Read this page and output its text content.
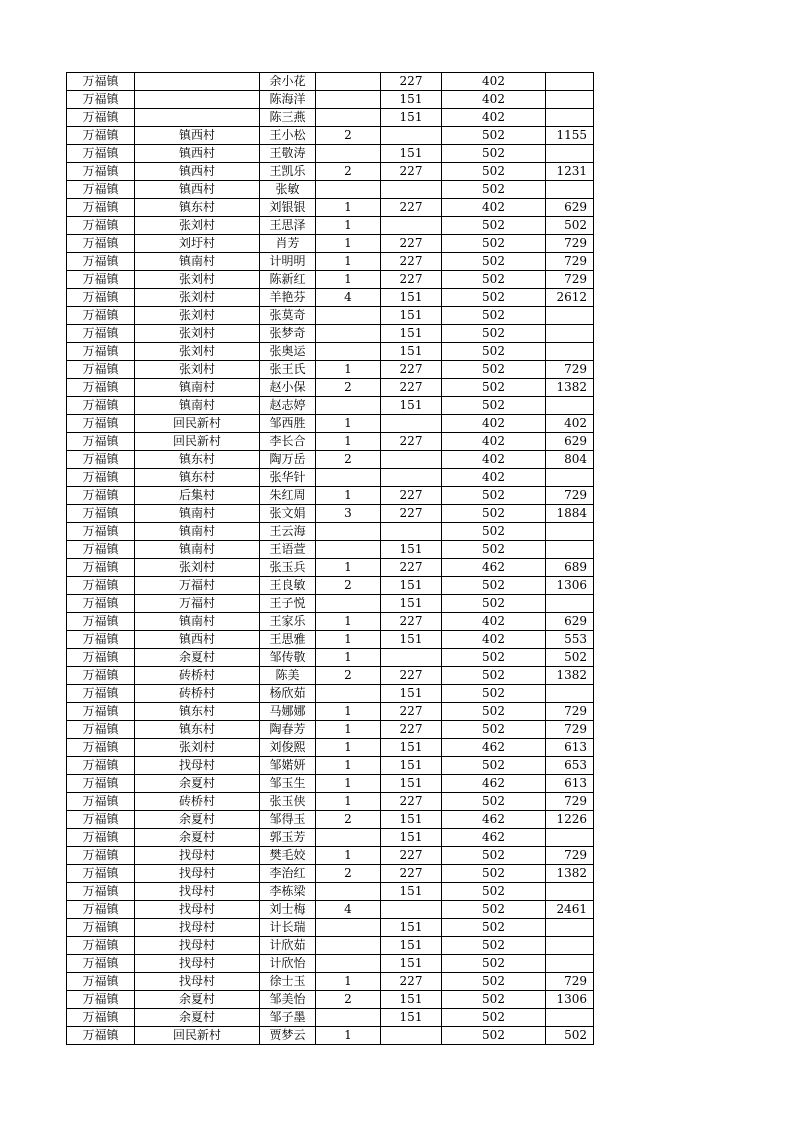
万福镇		余小花		227	402	
万福镇		陈海洋		151	402	
万福镇		陈三燕		151	402	
万福镇	镇西村	王小松	2		502	1155
万福镇	镇西村	王敬涛		151	502	
万福镇	镇西村	王凯乐	2	227	502	1231
万福镇	镇西村	张敏			502	
万福镇	镇东村	刘银银	1	227	402	629
万福镇	张刘村	王思泽	1		502	502
万福镇	刘圩村	肖芳	1	227	502	729
万福镇	镇南村	计明明	1	227	502	729
万福镇	张刘村	陈新红	1	227	502	729
万福镇	张刘村	羊艳芬	4	151	502	2612
万福镇	张刘村	张莫奇		151	502	
万福镇	张刘村	张梦奇		151	502	
万福镇	张刘村	张奥运		151	502	
万福镇	张刘村	张王氏	1	227	502	729
万福镇	镇南村	赵小保	2	227	502	1382
万福镇	镇南村	赵志婷		151	502	
万福镇	回民新村	邹西胜	1		402	402
万福镇	回民新村	李长合	1	227	402	629
万福镇	镇东村	陶万岳	2		402	804
万福镇	镇东村	张华针			402	
万福镇	后集村	朱红周	1	227	502	729
万福镇	镇南村	张文娟	3	227	502	1884
万福镇	镇南村	王云海			502	
万福镇	镇南村	王语萱		151	502	
万福镇	张刘村	张玉兵	1	227	462	689
万福镇	万福村	王良敏	2	151	502	1306
万福镇	万福村	王子悦		151	502	
万福镇	镇南村	王家乐	1	227	402	629
万福镇	镇西村	王思雅	1	151	402	553
万福镇	余夏村	邹传敬	1		502	502
万福镇	砖桥村	陈美	2	227	502	1382
万福镇	砖桥村	杨欣茹		151	502	
万福镇	镇东村	马娜娜	1	227	502	729
万福镇	镇东村	陶春芳	1	227	502	729
万福镇	张刘村	刘俊熙	1	151	462	613
万福镇	找母村	邹婼妍	1	151	502	653
万福镇	余夏村	邹玉生	1	151	462	613
万福镇	砖桥村	张玉侠	1	227	502	729
万福镇	余夏村	邹得玉	2	151	462	1226
万福镇	余夏村	郭玉芳		151	462	
万福镇	找母村	樊毛姣	1	227	502	729
万福镇	找母村	李治红	2	227	502	1382
万福镇	找母村	李栋梁		151	502	
万福镇	找母村	刘士梅	4		502	2461
万福镇	找母村	计长瑞		151	502	
万福镇	找母村	计欣茹		151	502	
万福镇	找母村	计欣怡		151	502	
万福镇	找母村	徐士玉	1	227	502	729
万福镇	余夏村	邹美怡	2	151	502	1306
万福镇	余夏村	邹子墨		151	502	
万福镇	回民新村	贾梦云	1		502	502
